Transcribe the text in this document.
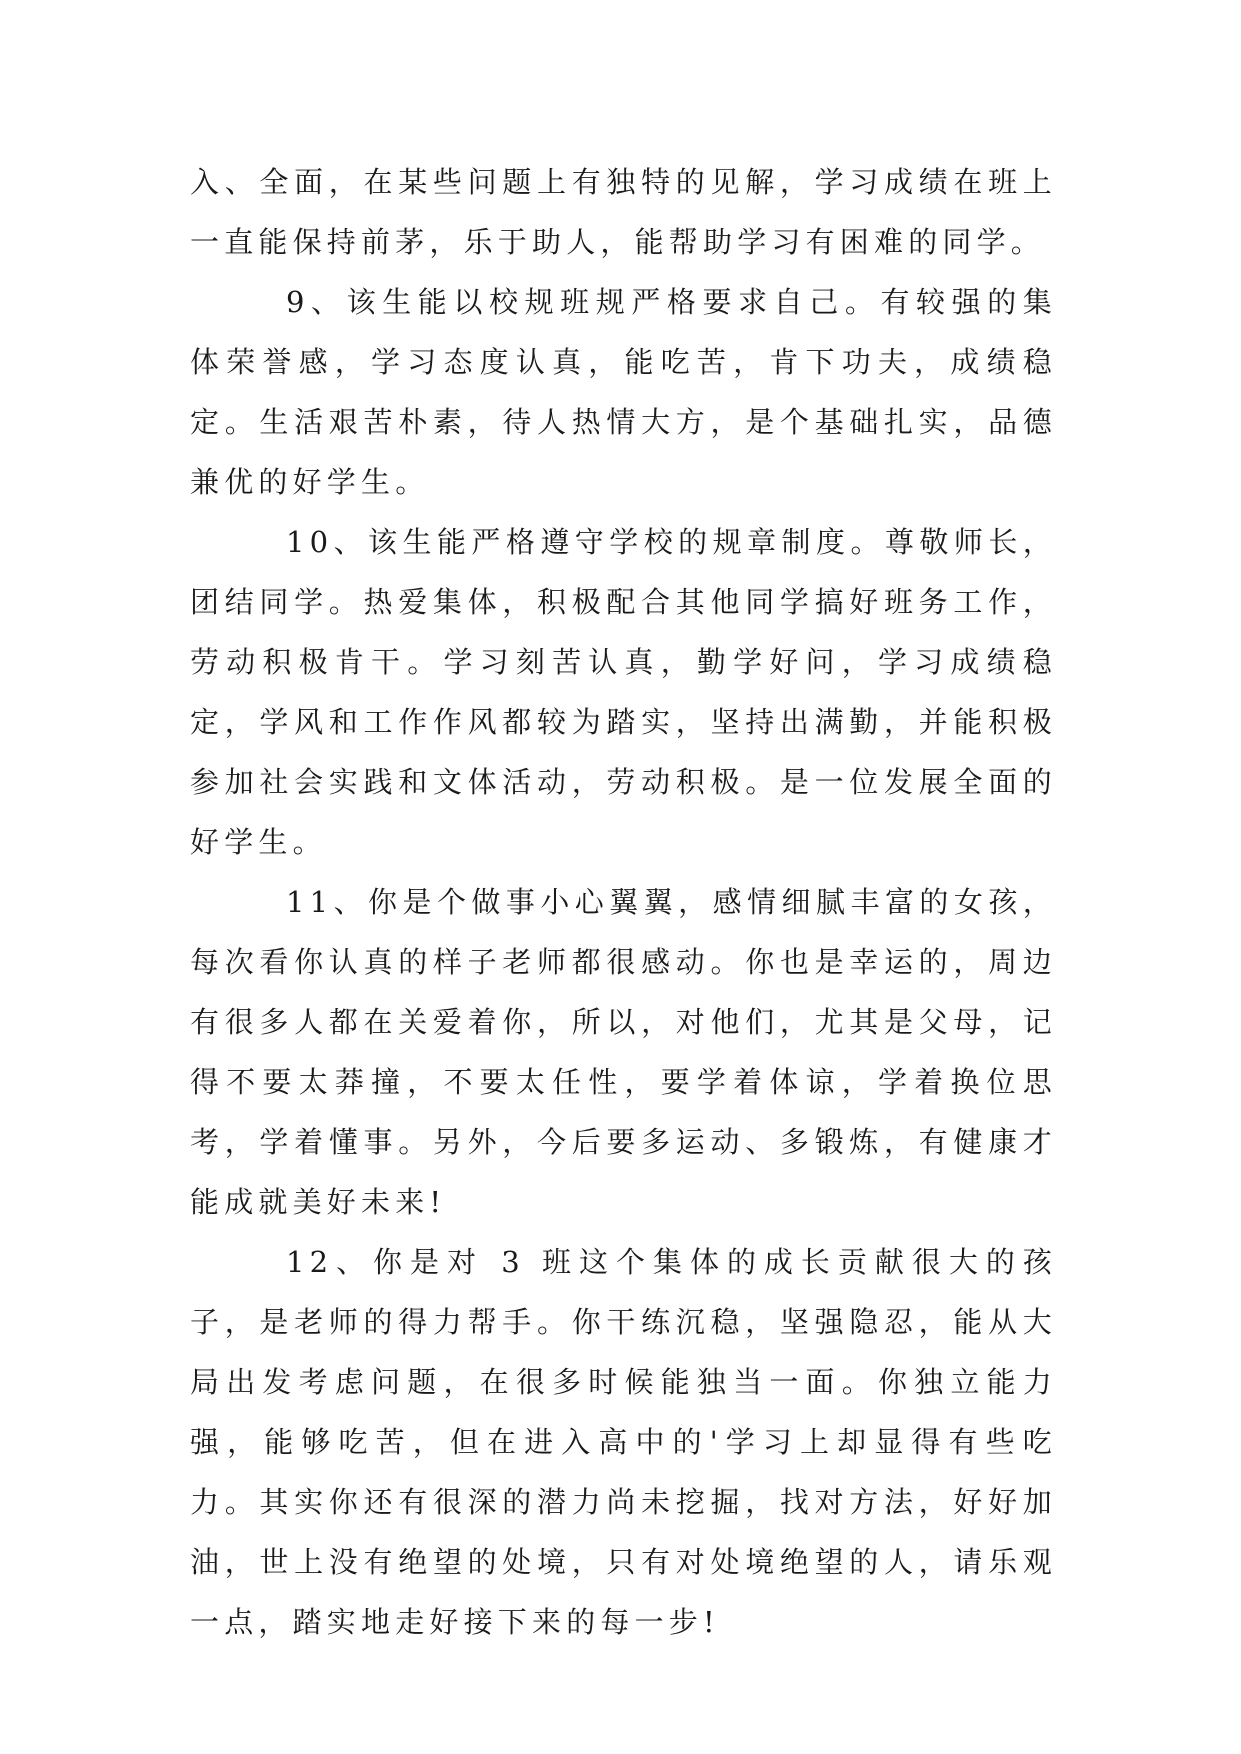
入、全面，在某些问题上有独特的见解，学习成绩在班上一直能保持前茅，乐于助人，能帮助学习有困难的同学。

9、该生能以校规班规严格要求自己。有较强的集体荣誉感，学习态度认真，能吃苦，肯下功夫，成绩稳定。生活艰苦朴素，待人热情大方，是个基础扎实，品德兼优的好学生。

10、该生能严格遵守学校的规章制度。尊敬师长，团结同学。热爱集体，积极配合其他同学搞好班务工作，劳动积极肯干。学习刻苦认真，勤学好问，学习成绩稳定，学风和工作作风都较为踏实，坚持出满勤，并能积极参加社会实践和文体活动，劳动积极。是一位发展全面的好学生。

11、你是个做事小心翼翼，感情细腻丰富的女孩，每次看你认真的样子老师都很感动。你也是幸运的，周边有很多人都在关爱着你，所以，对他们，尤其是父母，记得不要太莽撞，不要太任性，要学着体谅，学着换位思考，学着懂事。另外，今后要多运动、多锻炼，有健康才能成就美好未来!

12、你是对 3 班这个集体的成长贡献很大的孩子，是老师的得力帮手。你干练沉稳，坚强隐忍，能从大局出发考虑问题，在很多时候能独当一面。你独立能力强，能够吃苦，但在进入高中的'学习上却显得有些吃力。其实你还有很深的潜力尚未挖掘，找对方法，好好加油，世上没有绝望的处境，只有对处境绝望的人，请乐观一点，踏实地走好接下来的每一步!
